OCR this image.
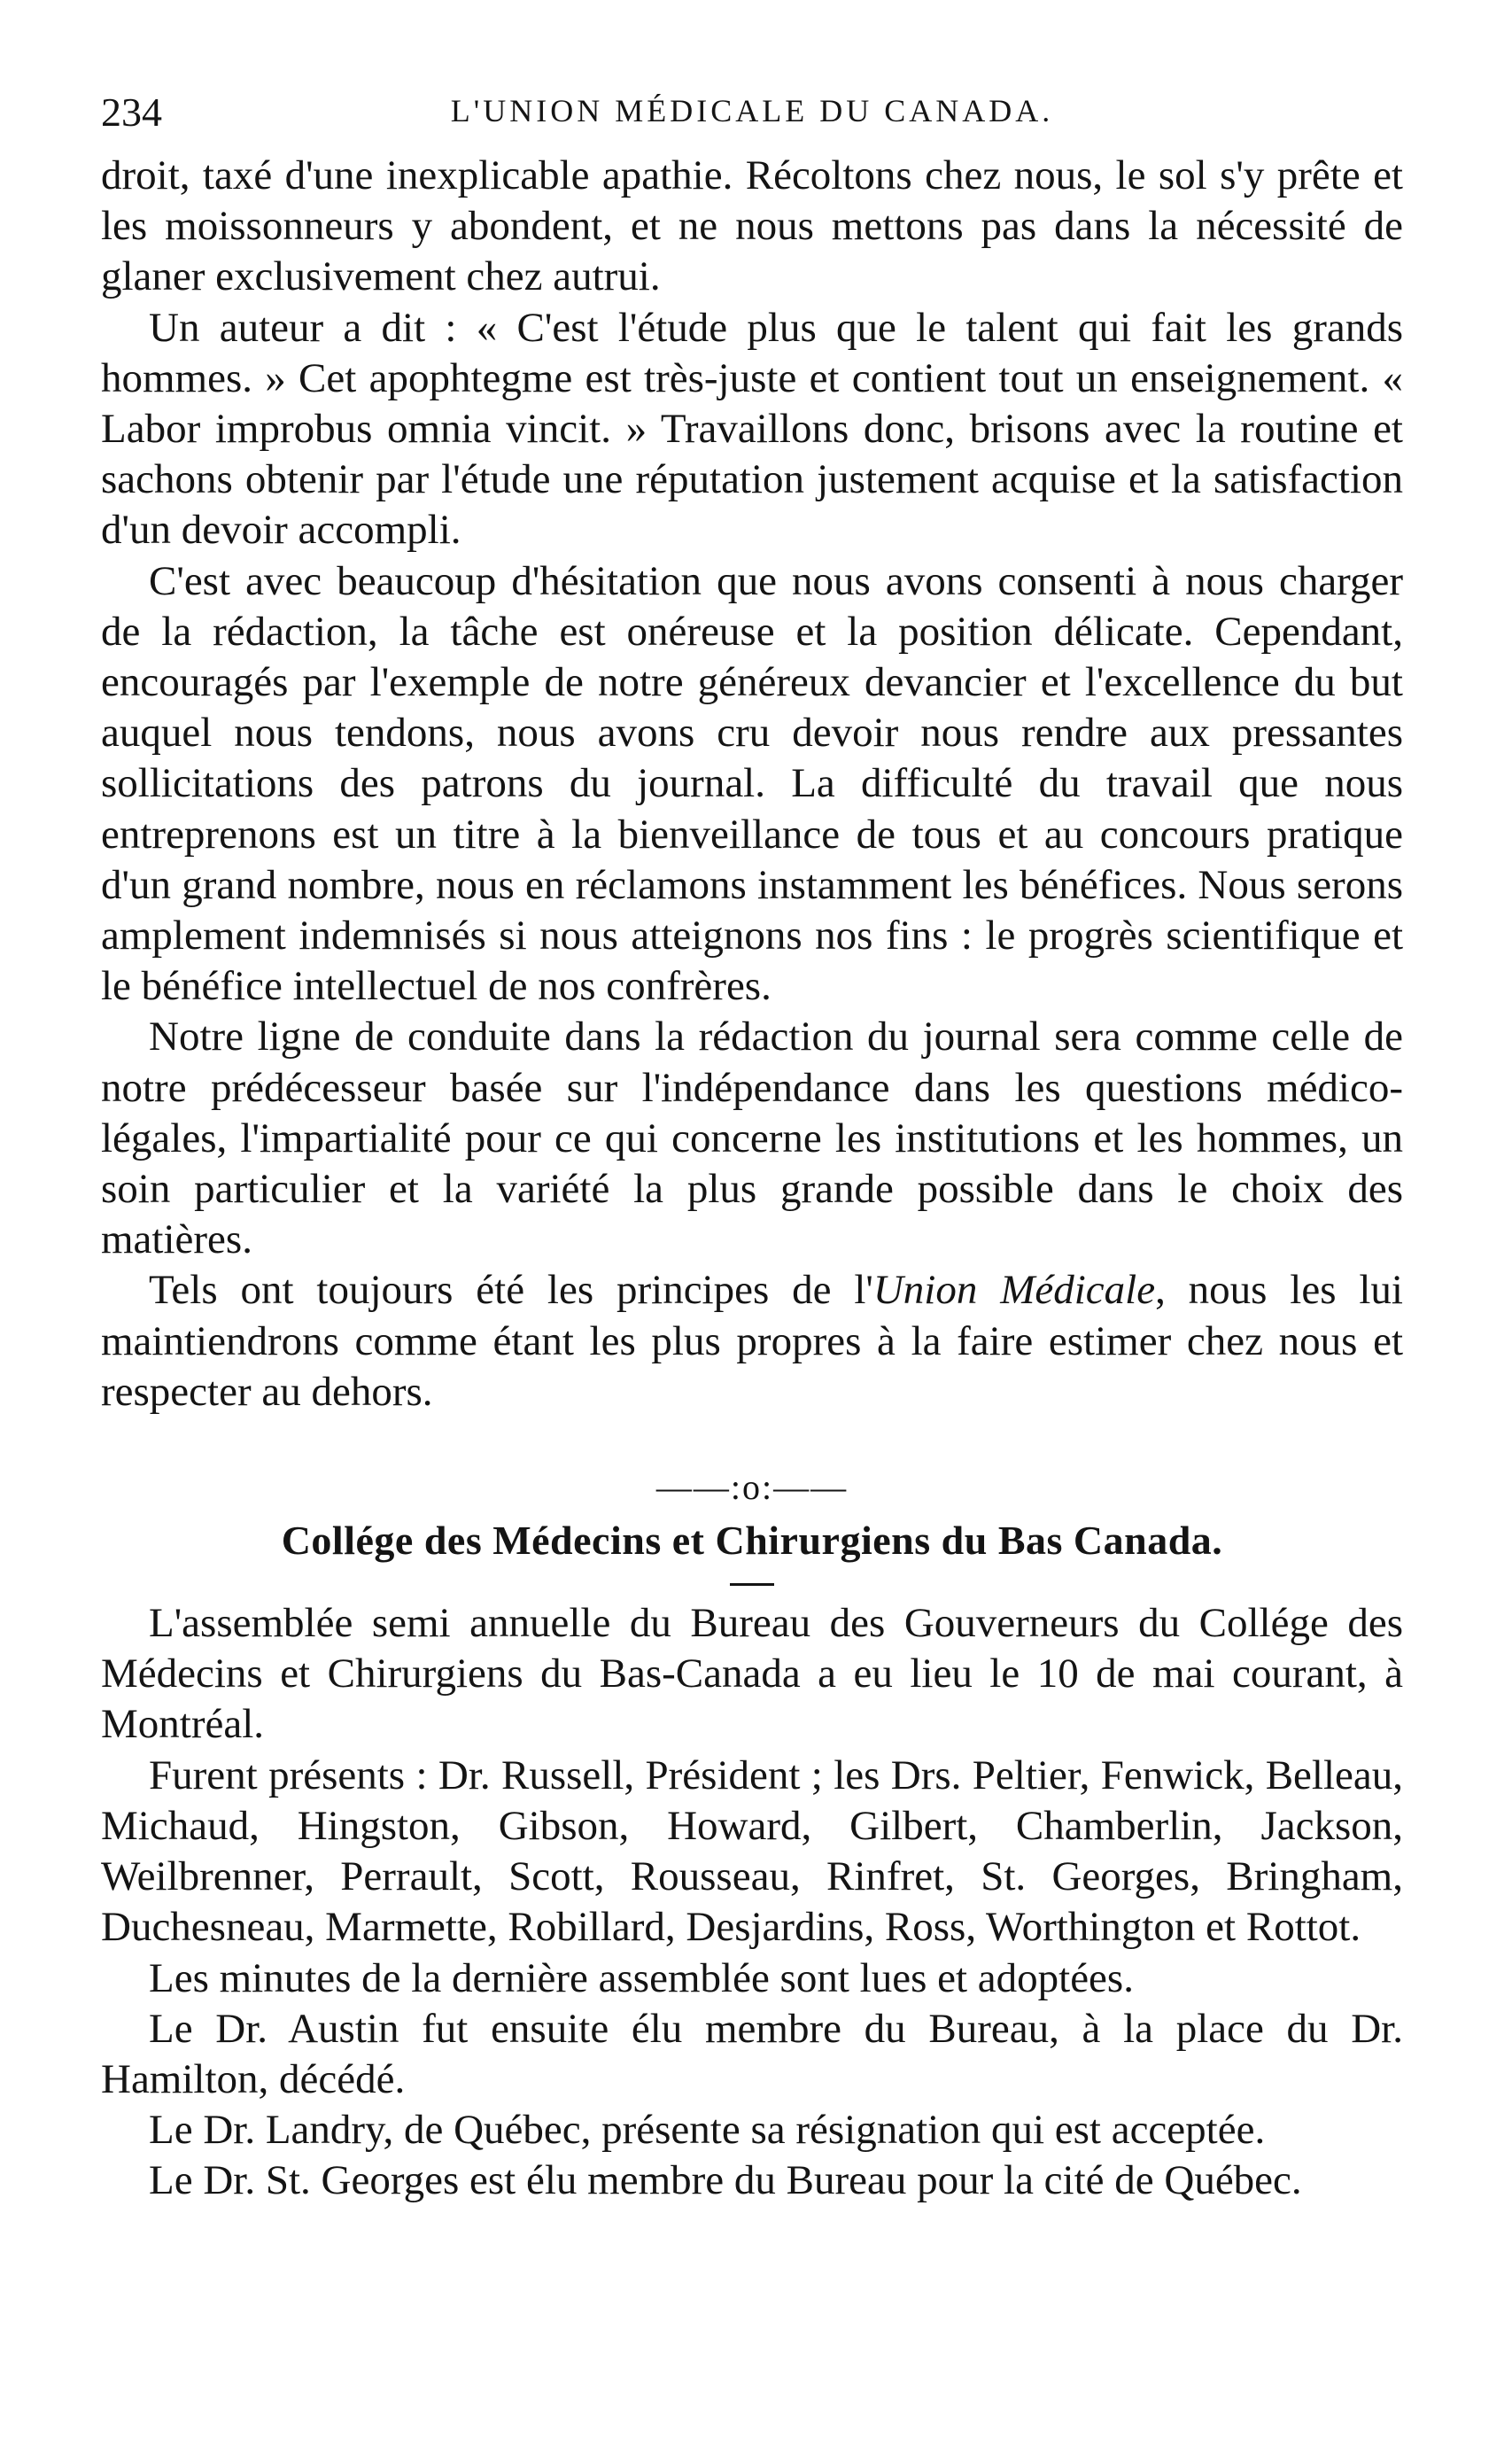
234	L'UNION MÉDICALE DU CANADA.

droit, taxé d'une inexplicable apathie. Récoltons chez nous, le sol s'y prête et les moissonneurs y abondent, et ne nous mettons pas dans la nécessité de glaner exclusivement chez autrui.

Un auteur a dit : « C'est l'étude plus que le talent qui fait les grands hommes. » Cet apophtegme est très-juste et contient tout un enseignement. « Labor improbus omnia vincit. » Travaillons donc, brisons avec la routine et sachons obtenir par l'étude une réputation justement acquise et la satisfaction d'un devoir accompli.

C'est avec beaucoup d'hésitation que nous avons consenti à nous charger de la rédaction, la tâche est onéreuse et la position délicate. Cependant, encouragés par l'exemple de notre généreux devancier et l'excellence du but auquel nous tendons, nous avons cru devoir nous rendre aux pressantes sollicitations des patrons du journal. La difficulté du travail que nous entreprenons est un titre à la bienveillance de tous et au concours pratique d'un grand nombre, nous en réclamons instamment les bénéfices. Nous serons amplement indemnisés si nous atteignons nos fins : le progrès scientifique et le bénéfice intellectuel de nos confrères.

Notre ligne de conduite dans la rédaction du journal sera comme celle de notre prédécesseur basée sur l'indépendance dans les questions médico-légales, l'impartialité pour ce qui concerne les institutions et les hommes, un soin particulier et la variété la plus grande possible dans le choix des matières.

Tels ont toujours été les principes de l'Union Médicale, nous les lui maintiendrons comme étant les plus propres à la faire estimer chez nous et respecter au dehors.

——:o:——
Collége des Médecins et Chirurgiens du Bas Canada.

L'assemblée semi annuelle du Bureau des Gouverneurs du Collége des Médecins et Chirurgiens du Bas-Canada a eu lieu le 10 de mai courant, à Montréal.

Furent présents : Dr. Russell, Président ; les Drs. Peltier, Fenwick, Belleau, Michaud, Hingston, Gibson, Howard, Gilbert, Chamberlin, Jackson, Weilbrenner, Perrault, Scott, Rousseau, Rinfret, St. Georges, Bringham, Duchesneau, Marmette, Robillard, Desjardins, Ross, Worthington et Rottot.

Les minutes de la dernière assemblée sont lues et adoptées.

Le Dr. Austin fut ensuite élu membre du Bureau, à la place du Dr. Hamilton, décédé.

Le Dr. Landry, de Québec, présente sa résignation qui est acceptée.

Le Dr. St. Georges est élu membre du Bureau pour la cité de Québec.
